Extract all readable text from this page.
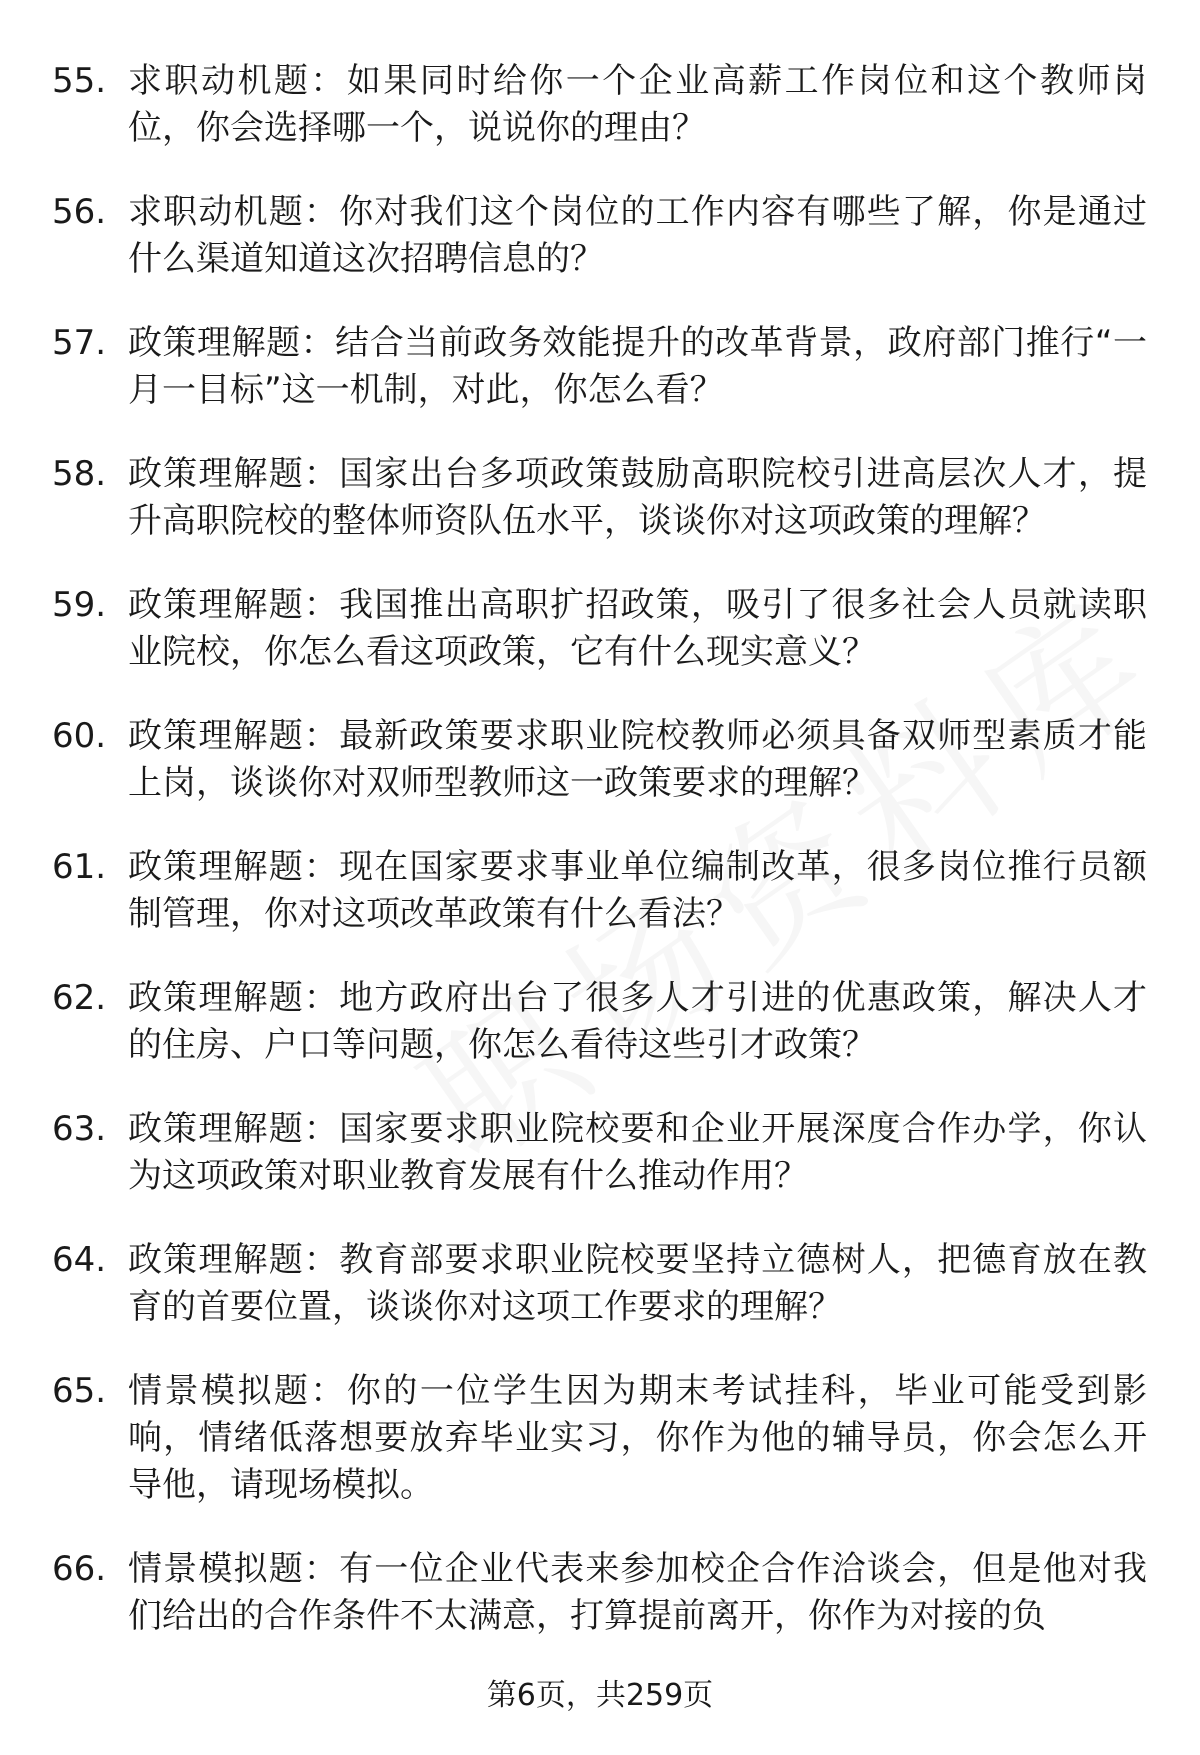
55. 求职动机题：如果同时给你一个企业高薪工作岗位和这个教师岗位，你会选择哪一个，说说你的理由？
56. 求职动机题：你对我们这个岗位的工作内容有哪些了解，你是通过什么渠道知道这次招聘信息的？
57. 政策理解题：结合当前政务效能提升的改革背景，政府部门推行“一月一目标”这一机制，对此，你怎么看？
58. 政策理解题：国家出台多项政策鼓励高职院校引进高层次人才，提升高职院校的整体师资队伍水平，谈谈你对这项政策的理解？
59. 政策理解题：我国推出高职扩招政策，吸引了很多社会人员就读职业院校，你怎么看这项政策，它有什么现实意义？
60. 政策理解题：最新政策要求职业院校教师必须具备双师型素质才能上岗，谈谈你对双师型教师这一政策要求的理解？
61. 政策理解题：现在国家要求事业单位编制改革，很多岗位推行员额制管理，你对这项改革政策有什么看法？
62. 政策理解题：地方政府出台了很多人才引进的优惠政策，解决人才的住房、户口等问题，你怎么看待这些引才政策？
63. 政策理解题：国家要求职业院校要和企业开展深度合作办学，你认为这项政策对职业教育发展有什么推动作用？
64. 政策理解题：教育部要求职业院校要坚持立德树人，把德育放在教育的首要位置，谈谈你对这项工作要求的理解？
65. 情景模拟题：你的一位学生因为期末考试挂科，毕业可能受到影响，情绪低落想要放弃毕业实习，你作为他的辅导员，你会怎么开导他，请现场模拟。
66. 情景模拟题：有一位企业代表来参加校企合作洽谈会，但是他对我们给出的合作条件不太满意，打算提前离开，你作为对接的负
第6页，共259页
